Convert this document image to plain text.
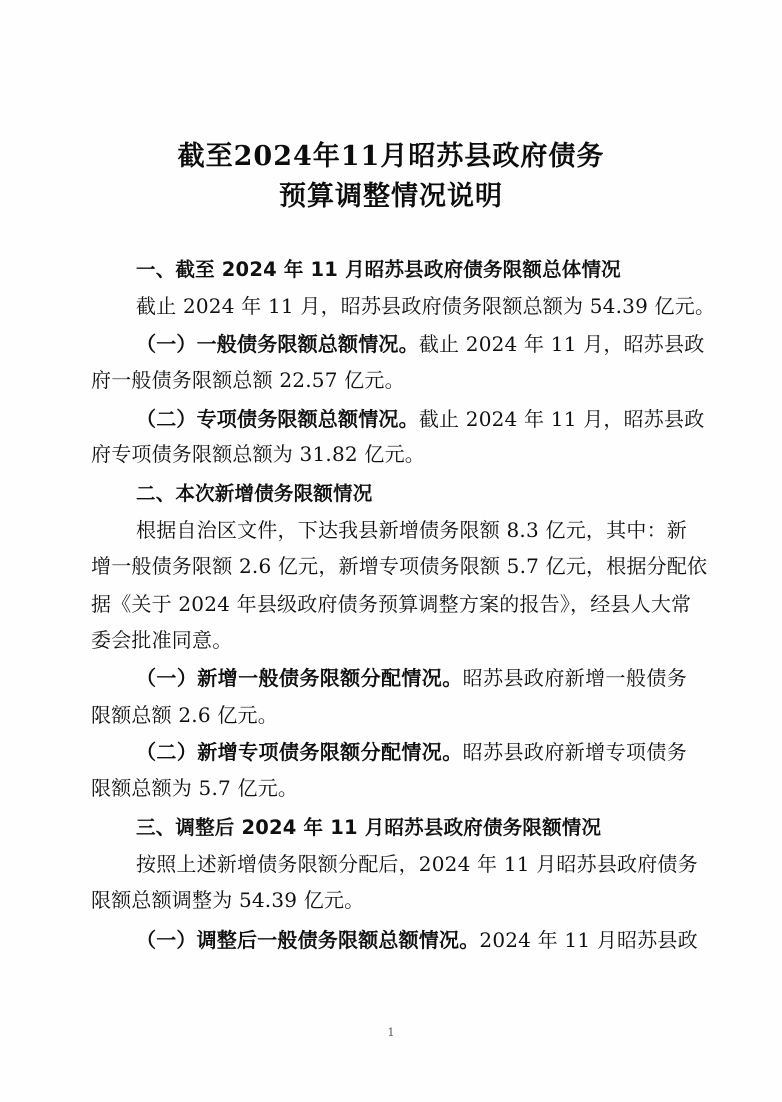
截至2024年11月昭苏县政府债务
预算调整情况说明
一、截至 2024 年 11 月昭苏县政府债务限额总体情况
截止 2024 年 11 月，昭苏县政府债务限额总额为 54.39 亿元。
（一）一般债务限额总额情况。截止 2024 年 11 月，昭苏县政
府一般债务限额总额 22.57 亿元。
（二）专项债务限额总额情况。截止 2024 年 11 月，昭苏县政
府专项债务限额总额为 31.82 亿元。
二、本次新增债务限额情况
根据自治区文件，下达我县新增债务限额 8.3 亿元，其中：新
增一般债务限额 2.6 亿元，新增专项债务限额 5.7 亿元，根据分配依
据《关于 2024 年县级政府债务预算调整方案的报告》，经县人大常
委会批准同意。
（一）新增一般债务限额分配情况。昭苏县政府新增一般债务
限额总额 2.6 亿元。
（二）新增专项债务限额分配情况。昭苏县政府新增专项债务
限额总额为 5.7 亿元。
三、调整后 2024 年 11 月昭苏县政府债务限额情况
按照上述新增债务限额分配后，2024 年 11 月昭苏县政府债务
限额总额调整为 54.39 亿元。
（一）调整后一般债务限额总额情况。2024 年 11 月昭苏县政
1
